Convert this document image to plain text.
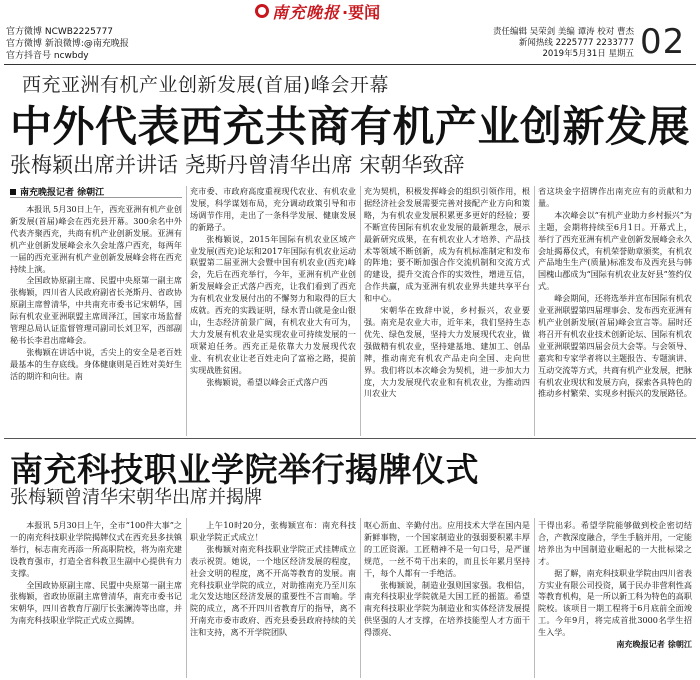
南充晚报 ·要闻
官方微博 NCWB2225777
官方微博 新浪微博:@南充晚报
官方抖音号 ncwbdy
责任编辑 吴荣剑 美编 谭涛 校对 曹杰
新闻热线 2225777 2233777
2019年5月31日 星期五 02
西充亚洲有机产业创新发展(首届)峰会开幕
中外代表西充共商有机产业创新发展
张梅颖出席并讲话 尧斯丹曾清华出席 宋朝华致辞
南充晚报记者 徐朝江

本报讯 5月30日上午，西充亚洲有机产业创新发展(首届)峰会在西充县开幕。300余名中外代表齐聚西充，共商有机产业创新发展。亚洲有机产业创新发展峰会永久会址落户西充，每两年一届的西充亚洲有机产业创新发展峰会将在西充持续上演。

全国政协原副主席、民盟中央原第一副主席张梅颖，四川省人民政府副省长尧斯丹、省政协原副主席曾清华，中共南充市委书记宋朝华，国际有机农业亚洲联盟主席周泽江，国家市场监督管理总局认证监督管理司副司长刘卫军，西部副秘书长李君出席峰会。

张梅颖在讲话中说，舌尖上的安全是老百姓最基本的生存底线。身体健康则是百姓对美好生活的期许和向往。南

充市委、市政府高度重视现代农业、有机农业发展，科学谋划布局，充分调动政策引导和市场调节作用，走出了一条科学发展、健康发展的新路子。

张梅颖说，2015年国际有机农业区域产业发展(西充)论坛和2017年国际有机农业运动联盟第二届亚洲大会暨中国有机农业(西充)峰会，先后在西充举行，今年，亚洲有机产业创新发展峰会正式落户西充，让我们看到了西充为有机农业发展付出的不懈努力和取得的巨大成就。西充的实践证明，绿水青山就是金山银山，生态经济前景广阔，有机农业大有可为，大力发展有机农业是实现农业可持续发展的一项紧迫任务。西充正是依靠大力发展现代农业、有机农业让老百姓走向了富裕之路，提前实现战胜贫困。

张梅颖说，希望以峰会正式落户西

充为契机，积极发挥峰会的组织引领作用，根据经济社会发展需要完善对接配产业方向和策略，为有机农业发展积累更多更好的经验；要不断宣传国际有机农业发展的最新理念，展示最新研究成果，在有机农业人才培养、产品技术等领域不断创新，成为有机标准制定和发布的阵地；要不断加强合作交流机制和交流方式的建设，提升交流合作的实效性，增进互信，合作共赢，成为亚洲有机农业界共建共享平台和中心。

宋朝华在致辞中说，乡村振兴，农业要强。南充是农业大市，近年来，我们坚持生态优先、绿色发展，坚持大力发展现代农业，做强做精有机农业，坚持建基地、建加工、创品牌，推动南充有机农产品走向全国、走向世界。我们将以本次峰会为契机，进一步加大力度，大力发展现代农业和有机农业，为推动四川农业大

省这块金字招牌作出南充应有的贡献和力量。

本次峰会以“有机产业助力乡村振兴”为主题，会期将持续至6月1日。开幕式上，举行了西充亚洲有机产业创新发展峰会永久会址揭幕仪式，有机荣誉勋章颁奖，有机农产品地生生产(质量)标准发布及西充县与韩国槐山郡成为“国际有机农业友好县”签约仪式。

峰会期间，还将选举并宣布国际有机农业亚洲联盟第四届理事会、发布西充亚洲有机产业创新发展(首届)峰会宣言等。届时还将召开有机农业技术创新论坛、国际有机农业亚洲联盟第四届会员大会等。与会领导、嘉宾和专家学者将以主题报告、专题演讲、互动交流等方式，共商有机产业发展，把脉有机农业现状和发展方向，探索各具特色的推动乡村繁荣、实现乡村振兴的发展路径。

南充科技职业学院举行揭牌仪式
张梅颖曾清华宋朝华出席并揭牌

本报讯 5月30日上午，全市“100件大事”之一的南充科技职业学院揭牌仪式在西充县多扶镇举行，标志南充再添一所高职院校，将为南充建设教育强市，打造全省科教卫生副中心提供有力支撑。

全国政协原副主席、民盟中央原第一副主席张梅颖，省政协原副主席曾清华，南充市委书记宋朝华，四川省教育厅副厅长张澜涛等出席，并为南充科技职业学院正式成立揭牌。

上午10时20分，张梅颖宣布：南充科技职业学院正式成立！

张梅颖对南充科技职业学院正式挂牌成立表示祝贺。她说，一个地区经济发展的程度，社会文明的程度，离不开高等教育的发展。南充科技职业学院的成立，对助推南充乃至川东北欠发达地区经济发展的重要性不言而喻。学院的成立，离不开四川省教育厅的指导，离不开南充市委市政府、西充县委县政府持续的关注和支持，离不开学院团队

呕心沥血、辛勤付出。应用技术大学在国内是新鲜事物，一个国家制造业的强弱要积累丰厚的工匠资源。工匠精神不是一句口号，是严谨规范，一丝不苟干出来的，而且长年累月坚持干，每个人都有一手绝活。

张梅颖说，制造业强则国家强。我相信，南充科技职业学院就是大国工匠的摇篮。希望南充科技职业学院为制造业和实体经济发展提供坚强的人才支撑，在培养技能型人才方面干得漂亮、

干得出彩。希望学院能够做到校企密切结合，产教深度融合，学生手脑并用，一定能培养出为中国制造业崛起的一大批标梁之才。

据了解，南充科技职业学院由四川省表方实业有限公司投资，属于民办非营利性高等教育机构，是一所以新工科为特色的高职院校。该项目一期工程将于6月底前全面竣工。今年9月，将完成首批3000名学生招生入学。

南充晚报记者 徐朝江
